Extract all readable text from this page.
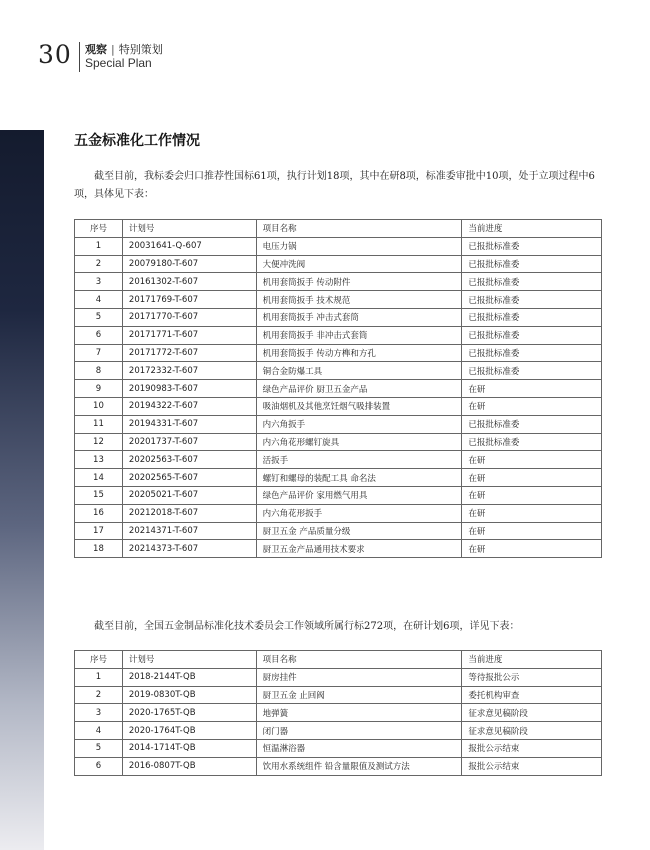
30 观察 | 特别策划
Special Plan
五金标准化工作情况

截至目前，我标委会归口推荐性国标61项，执行计划18项，其中在研8项，标准委审批中10项，处于立项过程中6项，具体见下表：

序号	计划号	项目名称	当前进度
1	20031641-Q-607	电压力锅	已报批标准委
2	20079180-T-607	大便冲洗阀	已报批标准委
3	20161302-T-607	机用套筒扳手 传动附件	已报批标准委
4	20171769-T-607	机用套筒扳手 技术规范	已报批标准委
5	20171770-T-607	机用套筒扳手 冲击式套筒	已报批标准委
6	20171771-T-607	机用套筒扳手 非冲击式套筒	已报批标准委
7	20171772-T-607	机用套筒扳手 传动方榫和方孔	已报批标准委
8	20172332-T-607	铜合金防爆工具	已报批标准委
9	20190983-T-607	绿色产品评价 厨卫五金产品	在研
10	20194322-T-607	吸油烟机及其他烹饪烟气吸排装置	在研
11	20194331-T-607	内六角扳手	已报批标准委
12	20201737-T-607	内六角花形螺钉旋具	已报批标准委
13	20202563-T-607	活扳手	在研
14	20202565-T-607	螺钉和螺母的装配工具 命名法	在研
15	20205021-T-607	绿色产品评价 家用燃气用具	在研
16	20212018-T-607	内六角花形扳手	在研
17	20214371-T-607	厨卫五金 产品质量分级	在研
18	20214373-T-607	厨卫五金产品通用技术要求	在研

截至目前，全国五金制品标准化技术委员会工作领域所属行标272项，在研计划6项，详见下表：

序号	计划号	项目名称	当前进度
1	2018-2144T-QB	厨房挂件	等待报批公示
2	2019-0830T-QB	厨卫五金 止回阀	委托机构审查
3	2020-1765T-QB	地弹簧	征求意见稿阶段
4	2020-1764T-QB	闭门器	征求意见稿阶段
5	2014-1714T-QB	恒温淋浴器	报批公示结束
6	2016-0807T-QB	饮用水系统组件 铅含量限值及测试方法	报批公示结束
